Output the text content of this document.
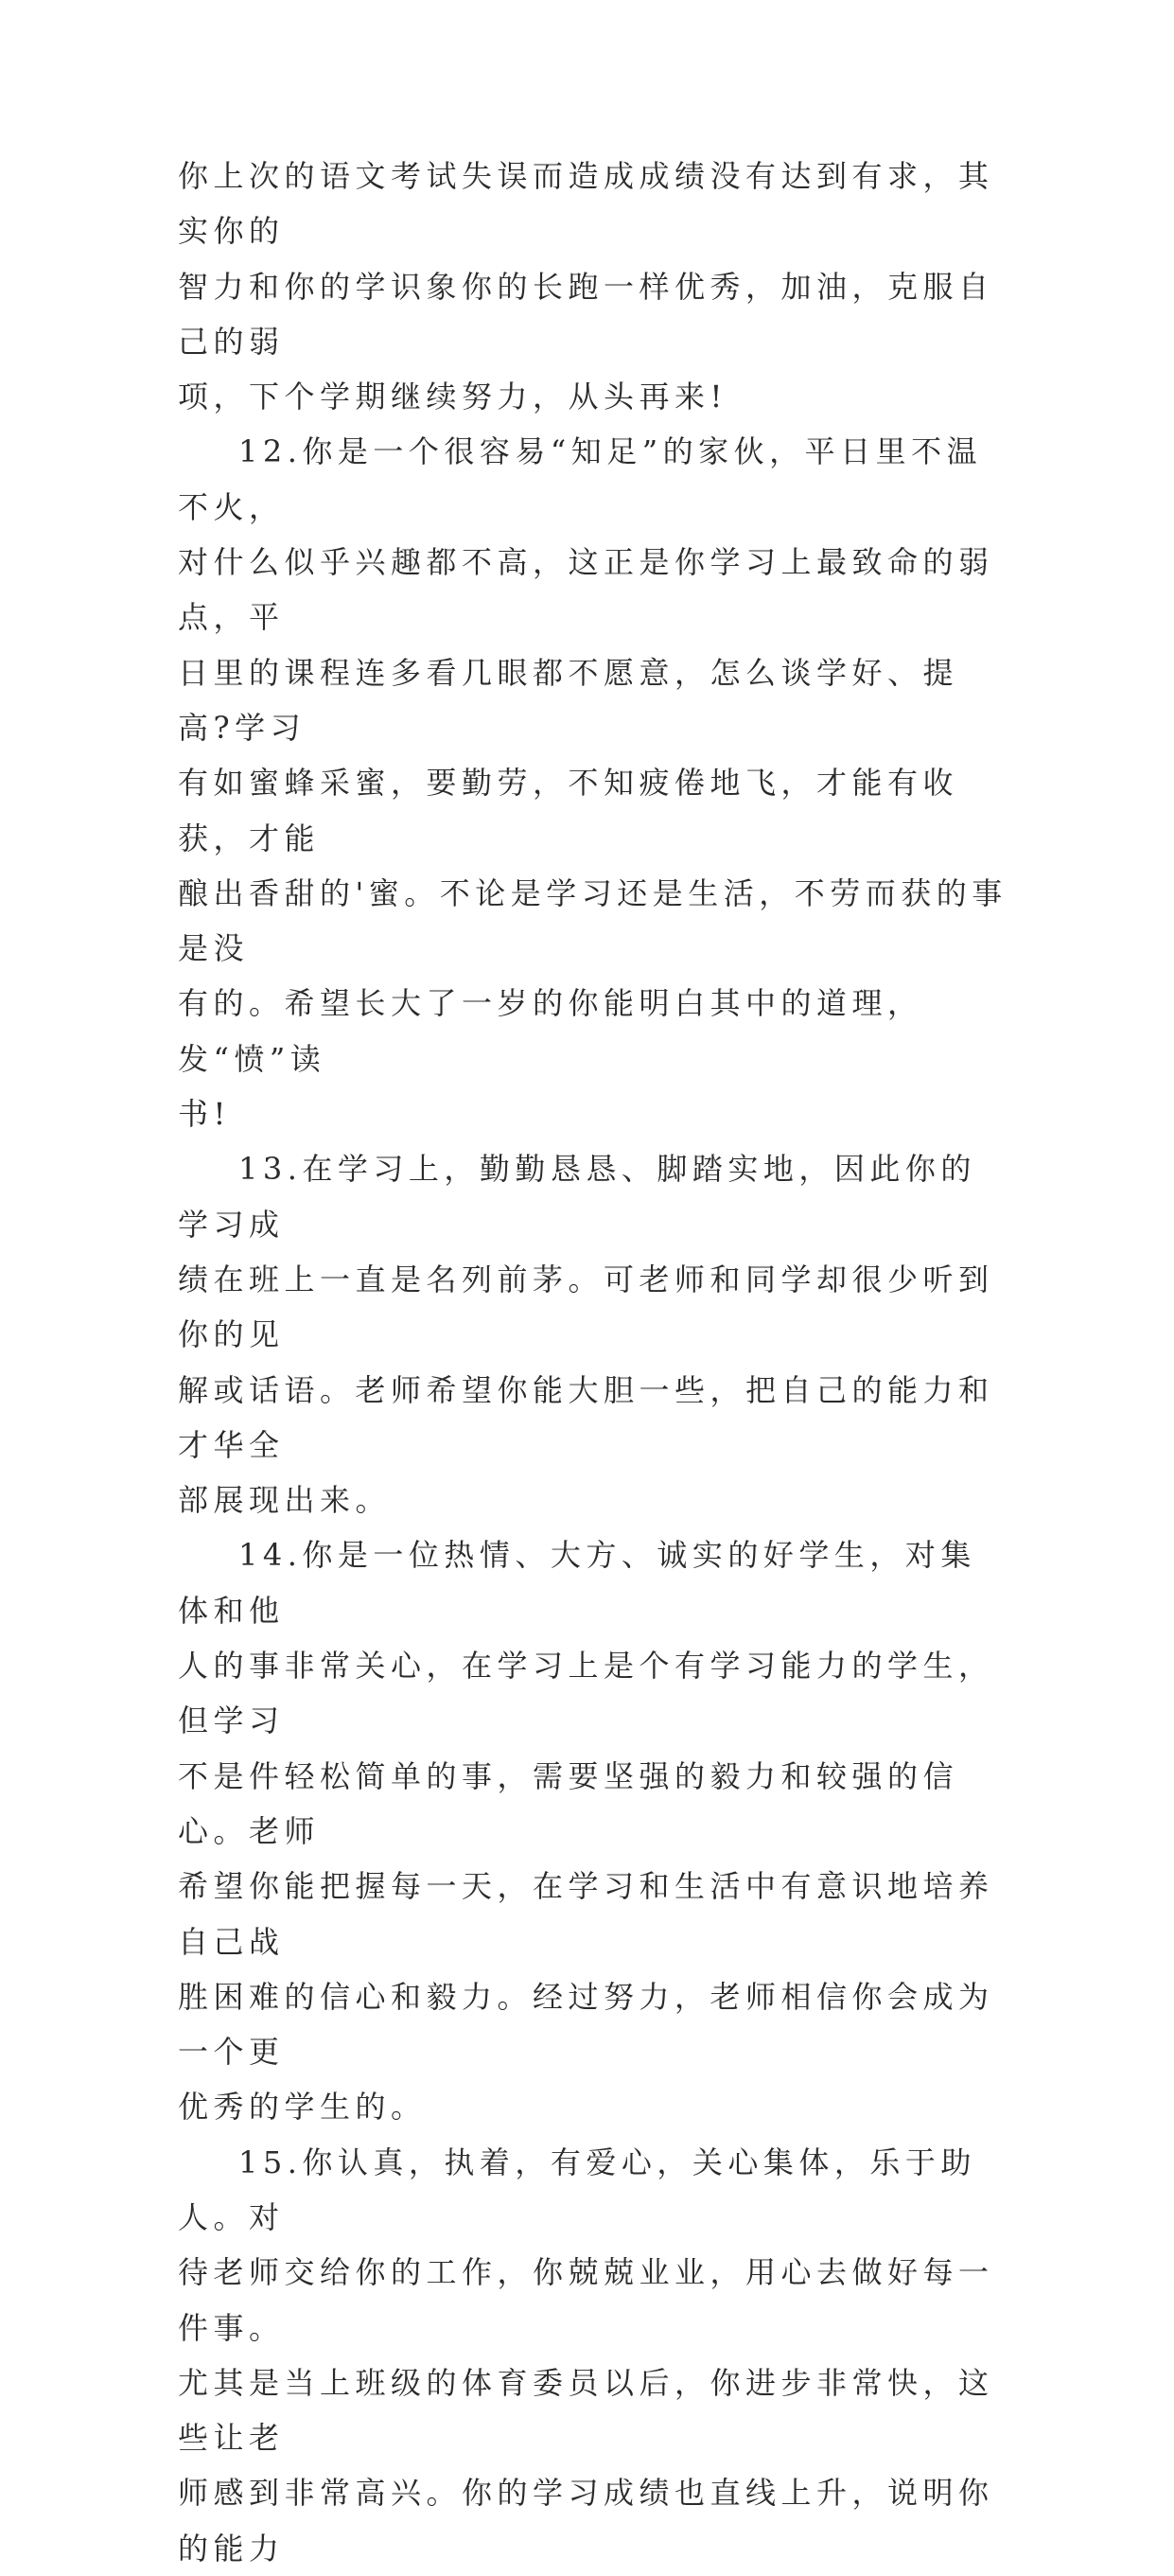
你上次的语文考试失误而造成成绩没有达到有求，其实你的
智力和你的学识象你的长跑一样优秀，加油，克服自己的弱
项，下个学期继续努力，从头再来!

12.你是一个很容易“知足”的家伙，平日里不温不火，
对什么似乎兴趣都不高，这正是你学习上最致命的弱点，平
日里的课程连多看几眼都不愿意，怎么谈学好、提高?学习
有如蜜蜂采蜜，要勤劳，不知疲倦地飞，才能有收获，才能
酿出香甜的'蜜。不论是学习还是生活，不劳而获的事是没
有的。希望长大了一岁的你能明白其中的道理，发“愤”读
书!

13.在学习上，勤勤恳恳、脚踏实地，因此你的学习成
绩在班上一直是名列前茅。可老师和同学却很少听到你的见
解或话语。老师希望你能大胆一些，把自己的能力和才华全
部展现出来。

14.你是一位热情、大方、诚实的好学生，对集体和他
人的事非常关心，在学习上是个有学习能力的学生，但学习
不是件轻松简单的事，需要坚强的毅力和较强的信心。老师
希望你能把握每一天，在学习和生活中有意识地培养自己战
胜困难的信心和毅力。经过努力，老师相信你会成为一个更
优秀的学生的。

15.你认真，执着，有爱心，关心集体，乐于助人。对
待老师交给你的工作，你兢兢业业，用心去做好每一件事。
尤其是当上班级的体育委员以后，你进步非常快，这些让老
师感到非常高兴。你的学习成绩也直线上升，说明你的能力
